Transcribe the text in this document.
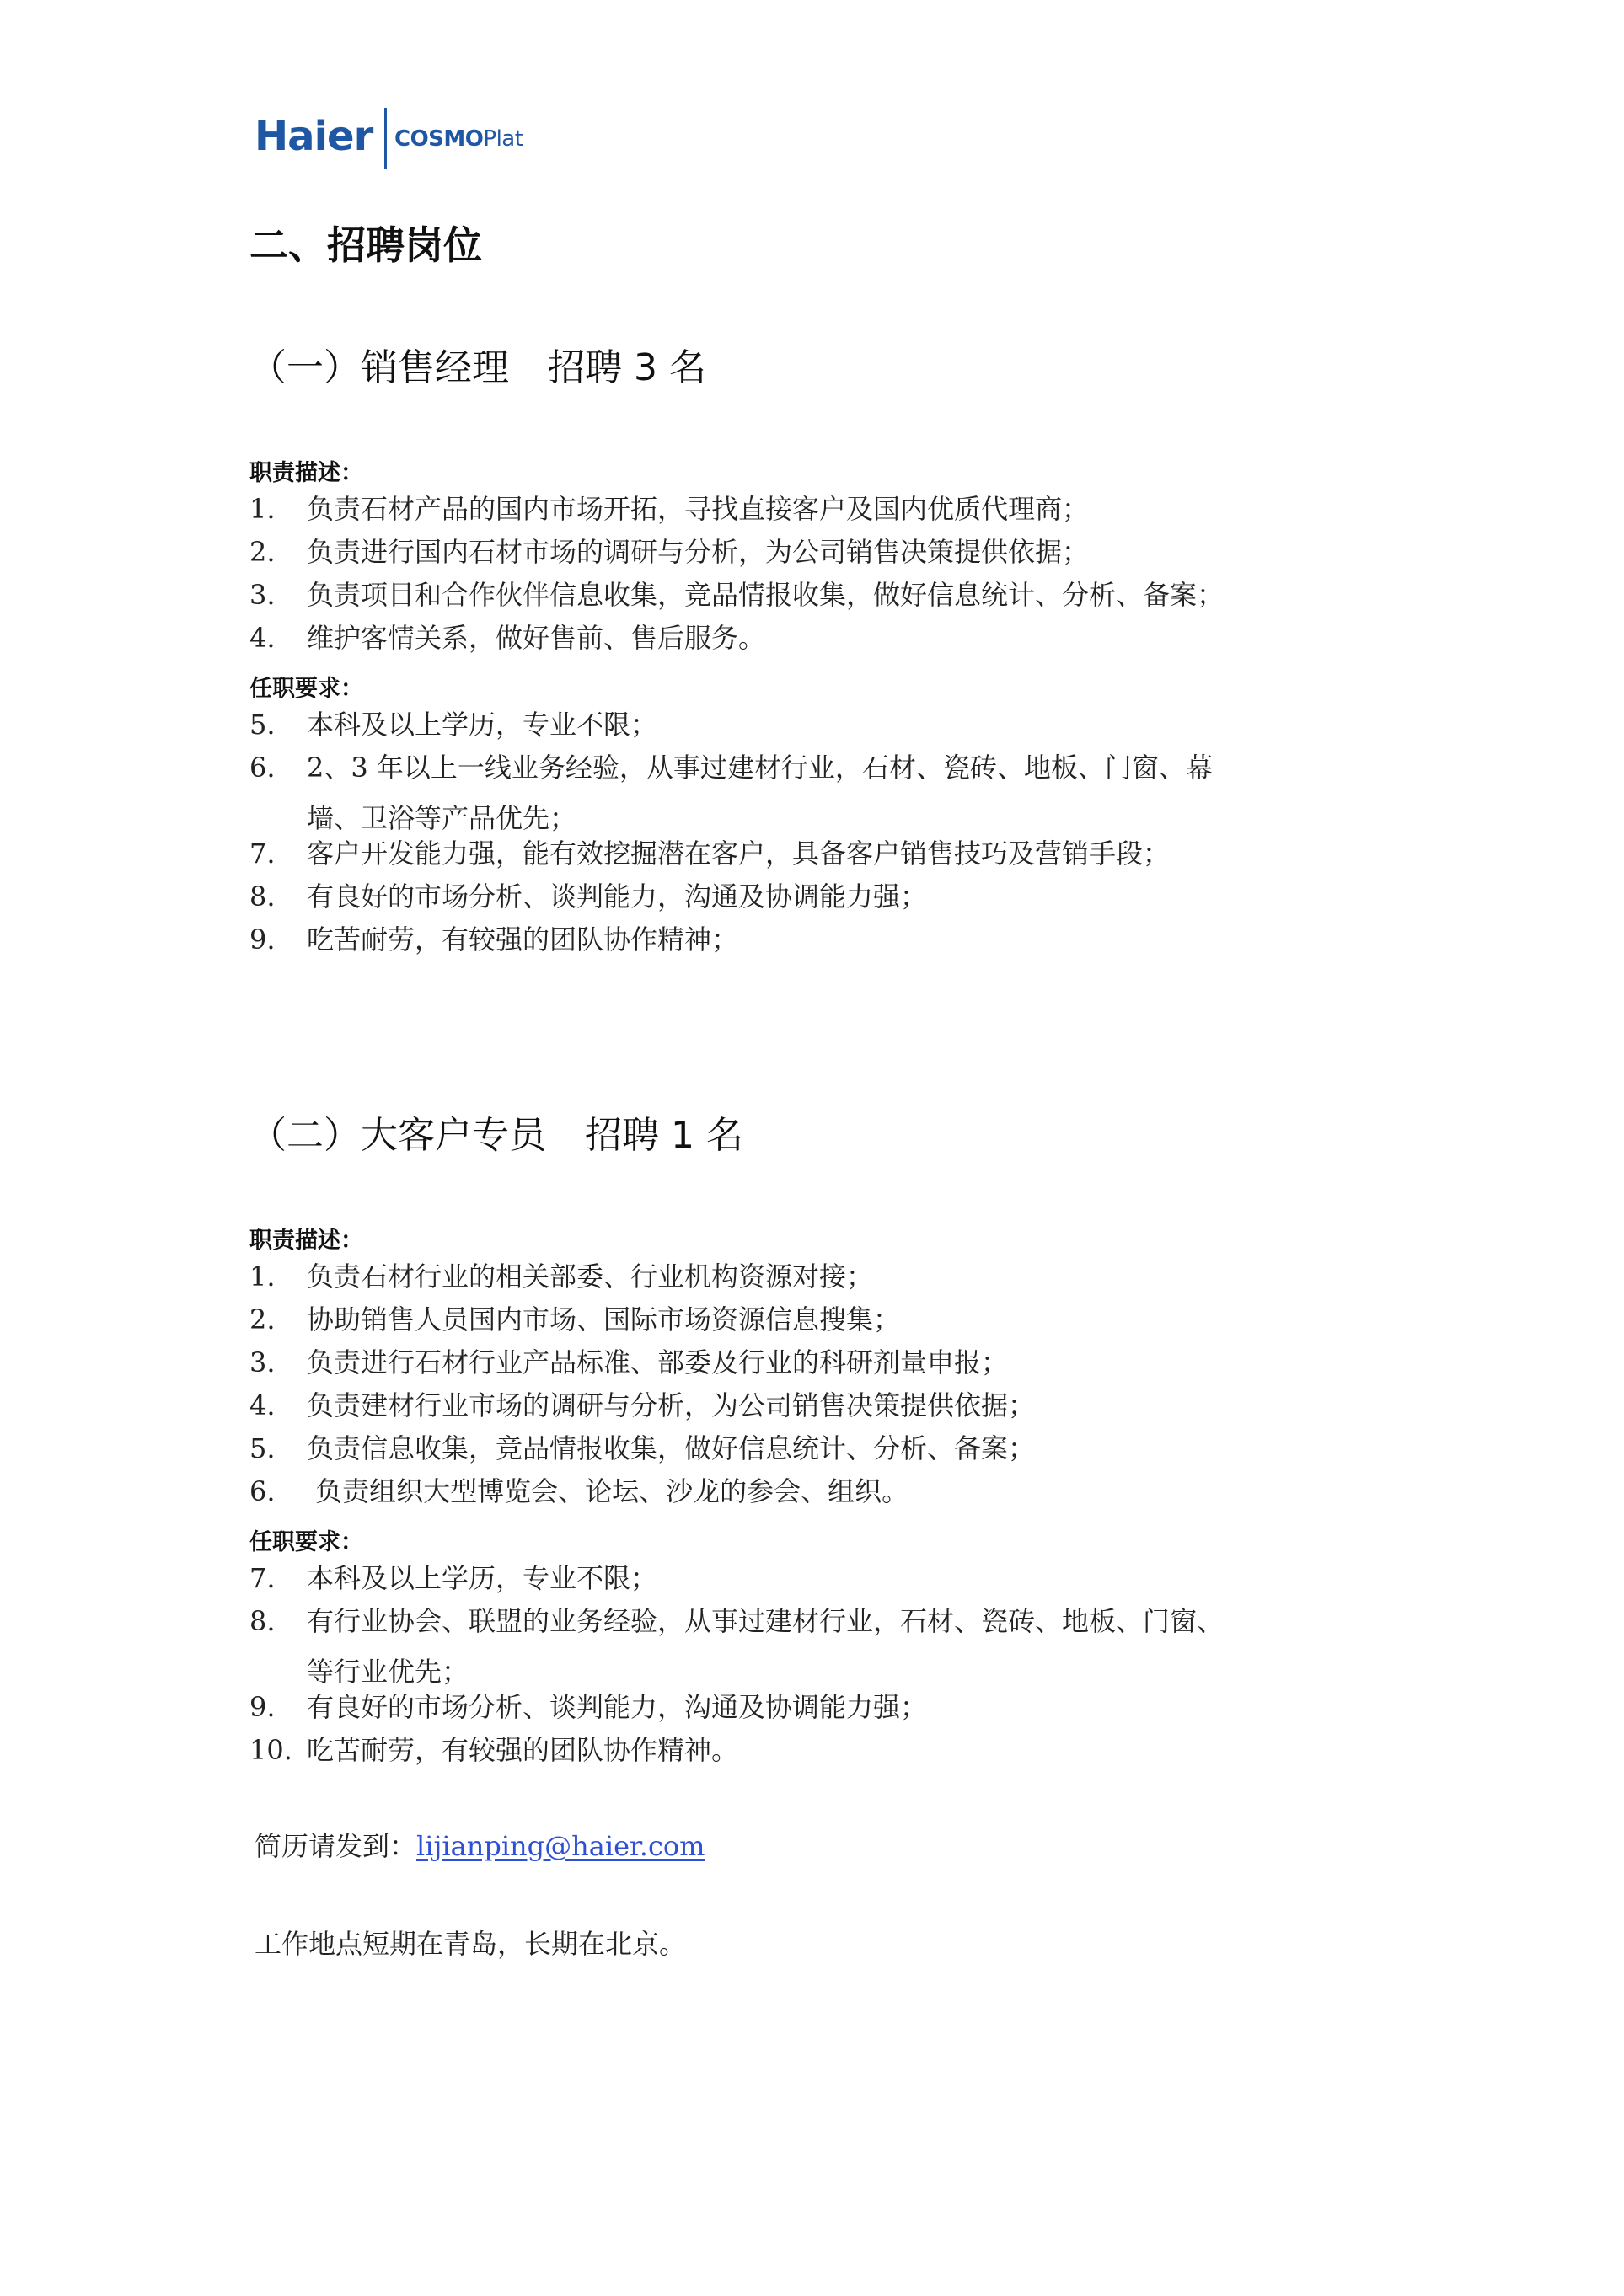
Haier COSMOPlat
二、招聘岗位
（一）销售经理 招聘 3 名
职责描述：
1. 负责石材产品的国内市场开拓，寻找直接客户及国内优质代理商；
2. 负责进行国内石材市场的调研与分析，为公司销售决策提供依据；
3. 负责项目和合作伙伴信息收集，竞品情报收集，做好信息统计、分析、备案；
4. 维护客情关系，做好售前、售后服务。
任职要求：
5. 本科及以上学历，专业不限；
6. 2、3 年以上一线业务经验，从事过建材行业，石材、瓷砖、地板、门窗、幕
墙、卫浴等产品优先；
7. 客户开发能力强，能有效挖掘潜在客户，具备客户销售技巧及营销手段；
8. 有良好的市场分析、谈判能力，沟通及协调能力强；
9. 吃苦耐劳，有较强的团队协作精神；
（二）大客户专员 招聘 1 名
职责描述：
1. 负责石材行业的相关部委、行业机构资源对接；
2. 协助销售人员国内市场、国际市场资源信息搜集；
3. 负责进行石材行业产品标准、部委及行业的科研剂量申报；
4. 负责建材行业市场的调研与分析，为公司销售决策提供依据；
5. 负责信息收集，竞品情报收集，做好信息统计、分析、备案；
6. 负责组织大型博览会、论坛、沙龙的参会、组织。
任职要求：
7. 本科及以上学历，专业不限；
8. 有行业协会、联盟的业务经验，从事过建材行业，石材、瓷砖、地板、门窗、
等行业优先；
9. 有良好的市场分析、谈判能力，沟通及协调能力强；
10. 吃苦耐劳，有较强的团队协作精神。
简历请发到：lijianping@haier.com
工作地点短期在青岛，长期在北京。
